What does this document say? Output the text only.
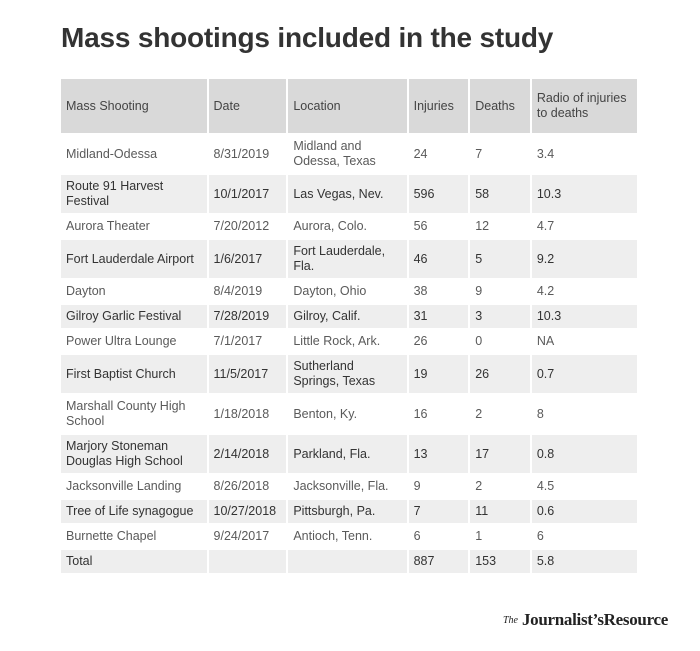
Mass shootings included in the study
Mass Shooting	Date	Location	Injuries	Deaths	Radio of injuries to deaths
Midland-Odessa	8/31/2019	Midland and Odessa, Texas	24	7	3.4
Route 91 Harvest Festival	10/1/2017	Las Vegas, Nev.	596	58	10.3
Aurora Theater	7/20/2012	Aurora, Colo.	56	12	4.7
Fort Lauderdale Airport	1/6/2017	Fort Lauderdale, Fla.	46	5	9.2
Dayton	8/4/2019	Dayton, Ohio	38	9	4.2
Gilroy Garlic Festival	7/28/2019	Gilroy, Calif.	31	3	10.3
Power Ultra Lounge	7/1/2017	Little Rock, Ark.	26	0	NA
First Baptist Church	11/5/2017	Sutherland Springs, Texas	19	26	0.7
Marshall County High School	1/18/2018	Benton, Ky.	16	2	8
Marjory Stoneman Douglas High School	2/14/2018	Parkland, Fla.	13	17	0.8
Jacksonville Landing	8/26/2018	Jacksonville, Fla.	9	2	4.5
Tree of Life synagogue	10/27/2018	Pittsburgh, Pa.	7	11	0.6
Burnette Chapel	9/24/2017	Antioch, Tenn.	6	1	6
Total			887	153	5.8
The Journalist’sResource
